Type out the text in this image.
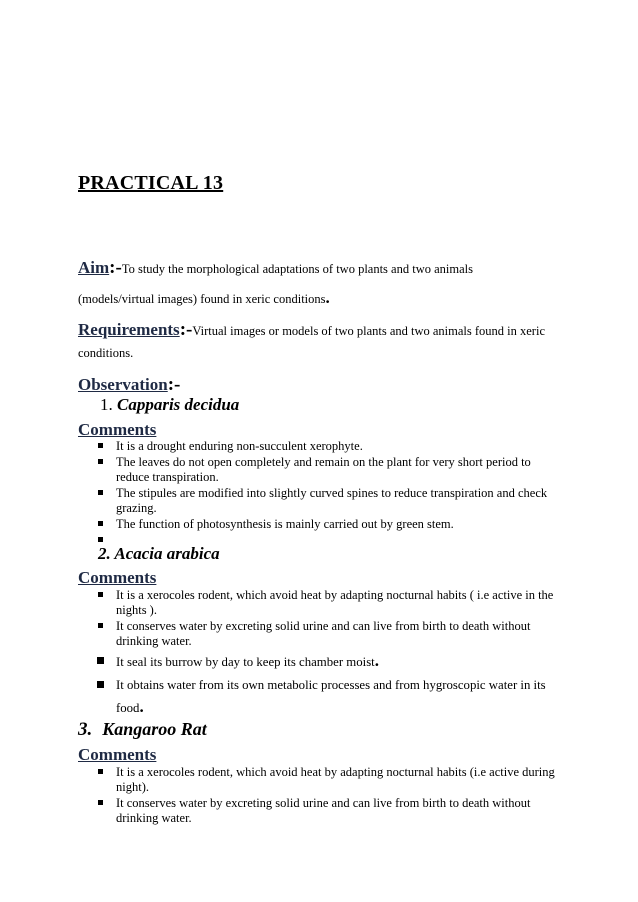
PRACTICAL 13

Aim:-To study the morphological adaptations of two plants and two animals
(models/virtual images) found in xeric conditions.

Requirements:-Virtual images or models of two plants and two animals found in xeric conditions.

Observation:-

1. Capparis decidua

Comments

It is a drought enduring non-succulent xerophyte.
The leaves do not open completely and remain on the plant for very short period to reduce transpiration.
The stipules are modified into slightly curved spines to reduce transpiration and check grazing.
The function of photosynthesis is mainly carried out by green stem.

2. Acacia arabica

Comments

It is a xerocoles rodent, which avoid heat by adapting nocturnal habits ( i.e active in the nights ).
It conserves water by excreting solid urine and can live from birth to death without drinking water.
It seal its burrow by day to keep its chamber moist.
It obtains water from its own metabolic processes and from hygroscopic water in its food.

3. Kangaroo Rat

Comments

It is a xerocoles rodent, which avoid heat by adapting nocturnal habits (i.e active during night).
It conserves water by excreting solid urine and can live from birth to death without drinking water.
